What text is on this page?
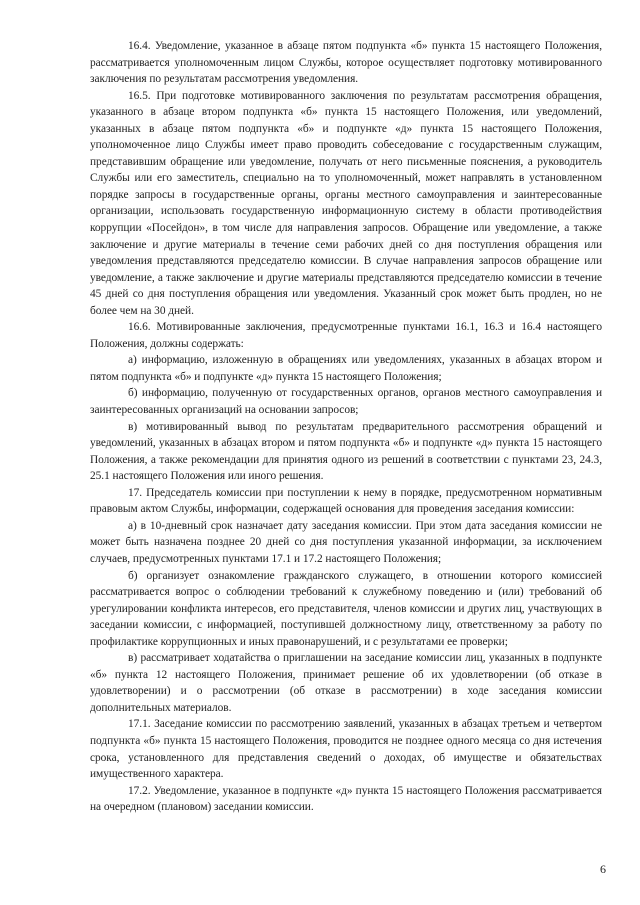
16.4. Уведомление, указанное в абзаце пятом подпункта «б» пункта 15 настоящего Положения, рассматривается уполномоченным лицом Службы, которое осуществляет подготовку мотивированного заключения по результатам рассмотрения уведомления.

16.5. При подготовке мотивированного заключения по результатам рассмотрения обращения, указанного в абзаце втором подпункта «б» пункта 15 настоящего Положения, или уведомлений, указанных в абзаце пятом подпункта «б» и подпункте «д» пункта 15 настоящего Положения, уполномоченное лицо Службы имеет право проводить собеседование с государственным служащим, представившим обращение или уведомление, получать от него письменные пояснения, а руководитель Службы или его заместитель, специально на то уполномоченный, может направлять в установленном порядке запросы в государственные органы, органы местного самоуправления и заинтересованные организации, использовать государственную информационную систему в области противодействия коррупции «Посейдон», в том числе для направления запросов. Обращение или уведомление, а также заключение и другие материалы в течение семи рабочих дней со дня поступления обращения или уведомления представляются председателю комиссии. В случае направления запросов обращение или уведомление, а также заключение и другие материалы представляются председателю комиссии в течение 45 дней со дня поступления обращения или уведомления. Указанный срок может быть продлен, но не более чем на 30 дней.

16.6. Мотивированные заключения, предусмотренные пунктами 16.1, 16.3 и 16.4 настоящего Положения, должны содержать:

а) информацию, изложенную в обращениях или уведомлениях, указанных в абзацах втором и пятом подпункта «б» и подпункте «д» пункта 15 настоящего Положения;

б) информацию, полученную от государственных органов, органов местного самоуправления и заинтересованных организаций на основании запросов;

в) мотивированный вывод по результатам предварительного рассмотрения обращений и уведомлений, указанных в абзацах втором и пятом подпункта «б» и подпункте «д» пункта 15 настоящего Положения, а также рекомендации для принятия одного из решений в соответствии с пунктами 23, 24.3, 25.1 настоящего Положения или иного решения.

17. Председатель комиссии при поступлении к нему в порядке, предусмотренном нормативным правовым актом Службы, информации, содержащей основания для проведения заседания комиссии:

а) в 10-дневный срок назначает дату заседания комиссии. При этом дата заседания комиссии не может быть назначена позднее 20 дней со дня поступления указанной информации, за исключением случаев, предусмотренных пунктами 17.1 и 17.2 настоящего Положения;

б) организует ознакомление гражданского служащего, в отношении которого комиссией рассматривается вопрос о соблюдении требований к служебному поведению и (или) требований об урегулировании конфликта интересов, его представителя, членов комиссии и других лиц, участвующих в заседании комиссии, с информацией, поступившей должностному лицу, ответственному за работу по профилактике коррупционных и иных правонарушений, и с результатами ее проверки;

в) рассматривает ходатайства о приглашении на заседание комиссии лиц, указанных в подпункте «б» пункта 12 настоящего Положения, принимает решение об их удовлетворении (об отказе в удовлетворении) и о рассмотрении (об отказе в рассмотрении) в ходе заседания комиссии дополнительных материалов.

17.1. Заседание комиссии по рассмотрению заявлений, указанных в абзацах третьем и четвертом подпункта «б» пункта 15 настоящего Положения, проводится не позднее одного месяца со дня истечения срока, установленного для представления сведений о доходах, об имуществе и обязательствах имущественного характера.

17.2. Уведомление, указанное в подпункте «д» пункта 15 настоящего Положения рассматривается на очередном (плановом) заседании комиссии.

6
